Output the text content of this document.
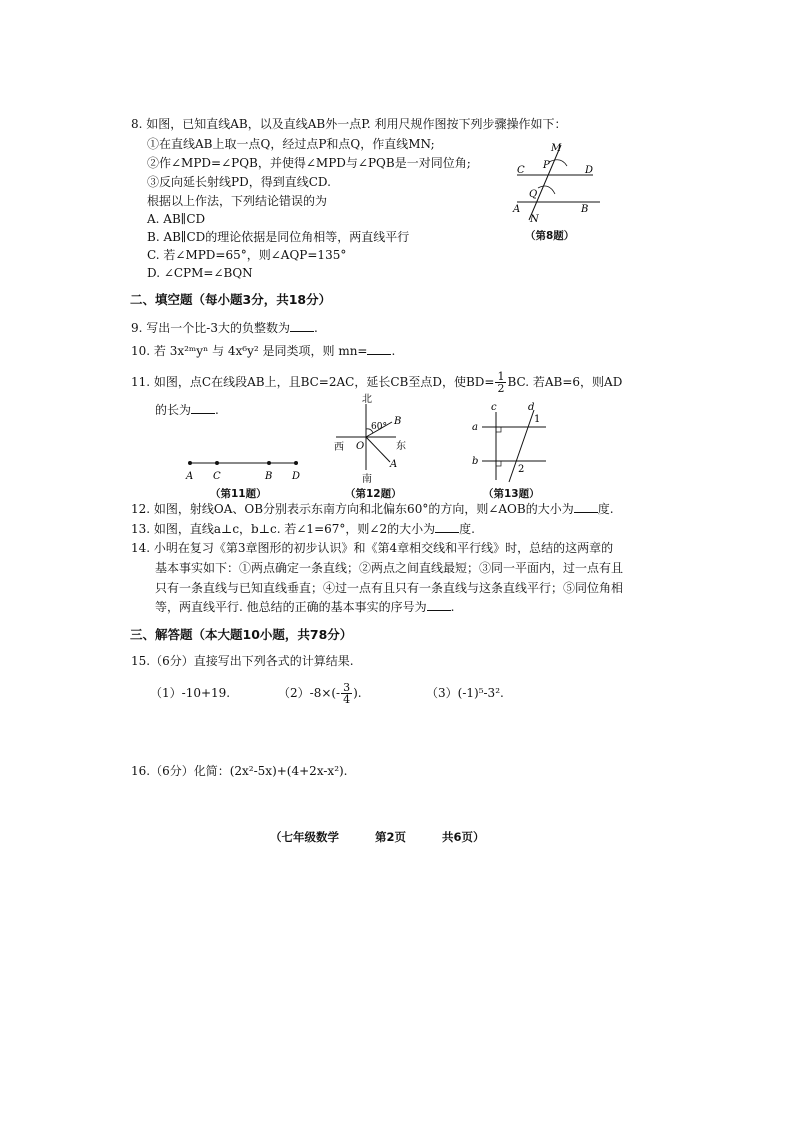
8. 如图，已知直线AB，以及直线AB外一点P. 利用尺规作图按下列步骤操作如下：
①在直线AB上取一点Q，经过点P和点Q，作直线MN;
②作∠MPD=∠PQB，并使得∠MPD与∠PQB是一对同位角;
③反向延长射线PD，得到直线CD.
根据以上作法，下列结论错误的为
A. AB∥CD
B. AB∥CD的理论依据是同位角相等，两直线平行
C. 若∠MPD=65°，则∠AQP=135°
D. ∠CPM=∠BQN
M
P
C	D
Q
A	B
N
（第8题）
二、填空题（每小题3分，共18分）
9. 写出一个比-3大的负整数为 .
10. 若 3x²ᵐyⁿ 与 4x⁶y² 是同类项，则 mn= .
11. 如图，点C在线段AB上，且BC=2AC，延长CB至点D，使$BD= \frac{1}{2}$ BC. 若AB=6，则AD
的长为 .
A C	B D
（第11题）
北
60° B
西 O	东
A
南
（第12题）
c	d
1
a
b
2
（第13题）
12. 如图，射线OA、OB分别表示东南方向和北偏东60°的方向，则∠AOB的大小为 度.
13. 如图，直线a⊥c，b⊥c. 若∠1=67°，则∠2的大小为 度.
14. 小明在复习《第3章图形的初步认识》和《第4章相交线和平行线》时，总结的这两章的
基本事实如下：①两点确定一条直线；②两点之间直线最短；③同一平面内，过一点有且
只有一条直线与已知直线垂直；④过一点有且只有一条直线与这条直线平行；⑤同位角相
等，两直线平行. 他总结的正确的基本事实的序号为 .
三、解答题（本大题10小题，共78分）
15.（6分）直接写出下列各式的计算结果.
（1）-10+19.	$(2)-8\times(- \frac{3}{4}$ ).	（3）(-1)⁵-3².
16.（6分）化简：(2x²-5x)+(4+2x-x²).
（七年级数学	第2页	共6页）
